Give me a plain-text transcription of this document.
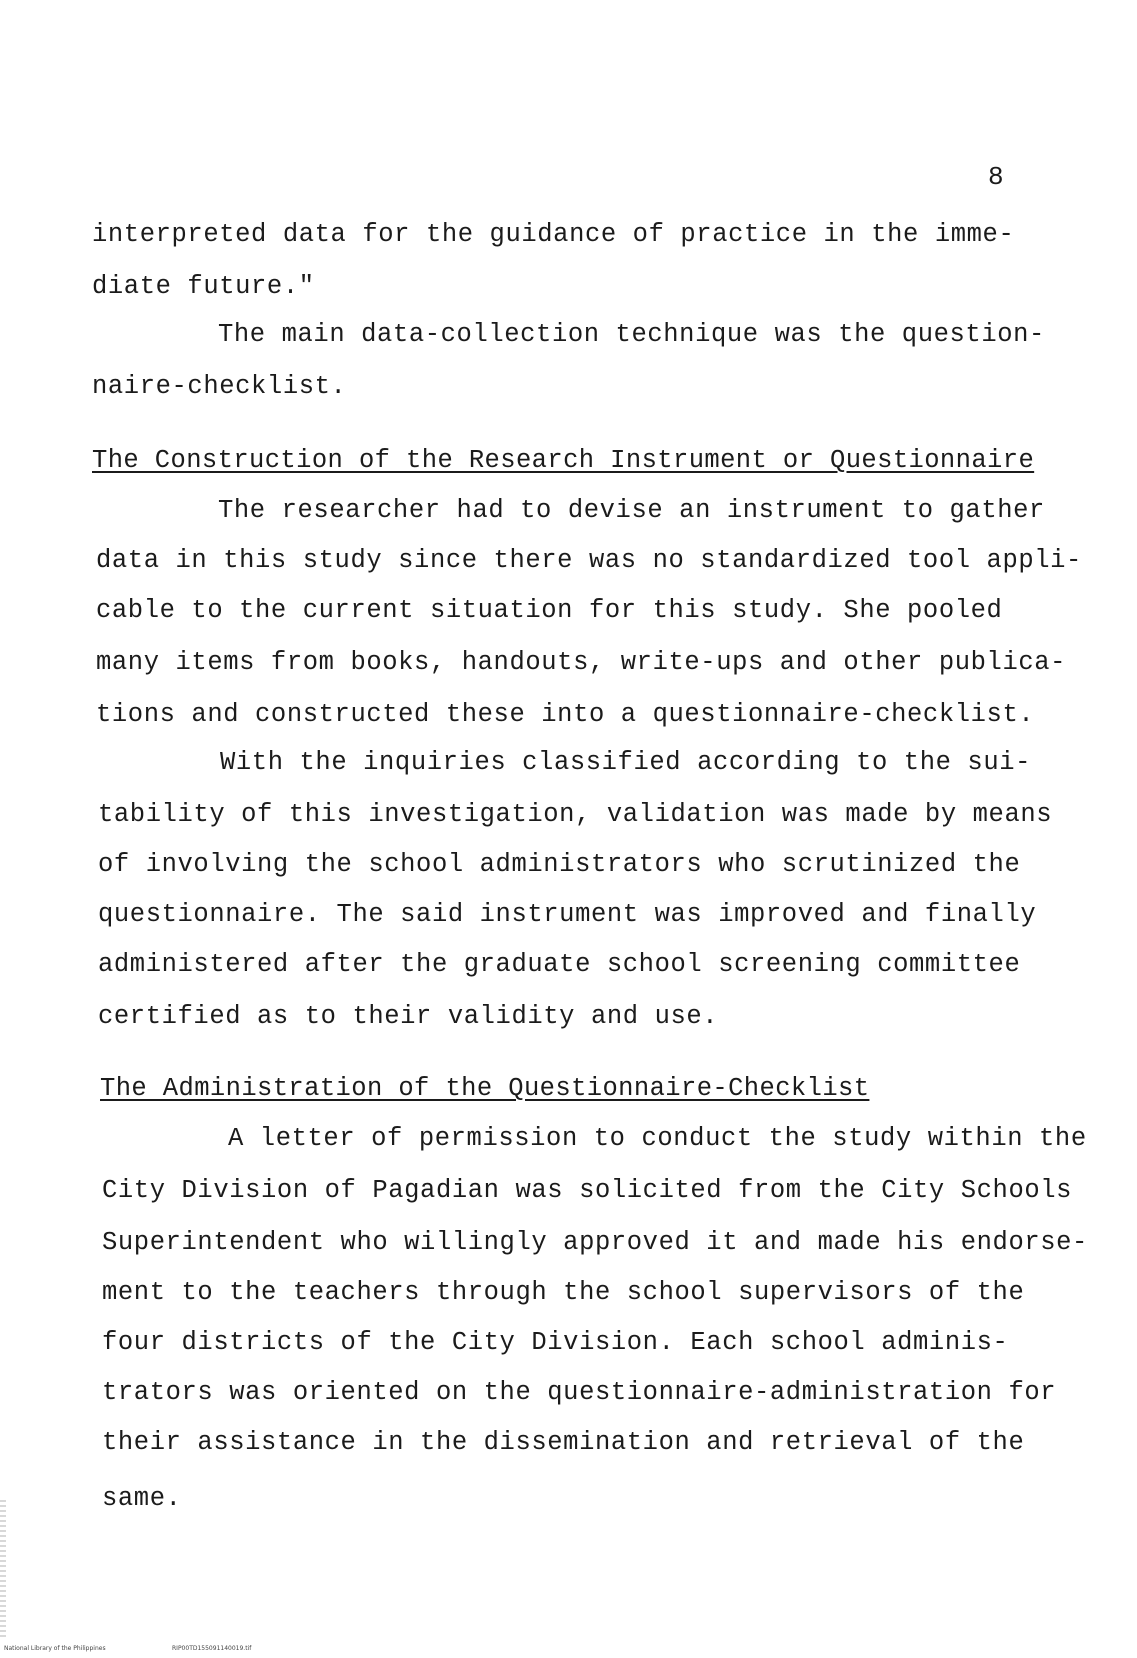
8
interpreted data for the guidance of practice in the imme-
diate future."
The main data-collection technique was the question-
naire-checklist.
The Construction of the Research Instrument or Questionnaire
The researcher had to devise an instrument to gather
data in this study since there was no standardized tool appli-
cable to the current situation for this study. She pooled
many items from books, handouts, write-ups and other publica-
tions and constructed these into a questionnaire-checklist.
With the inquiries classified according to the sui-
tability of this investigation, validation was made by means
of involving the school administrators who scrutinized the
questionnaire. The said instrument was improved and finally
administered after the graduate school screening committee
certified as to their validity and use.
The Administration of the Questionnaire-Checklist
A letter of permission to conduct the study within the
City Division of Pagadian was solicited from the City Schools
Superintendent who willingly approved it and made his endorse-
ment to the teachers through the school supervisors of the
four districts of the City Division. Each school adminis-
trators was oriented on the questionnaire-administration for
their assistance in the dissemination and retrieval of the
same.
National Library of the Philippines	RIP00TD155091140019.tif
